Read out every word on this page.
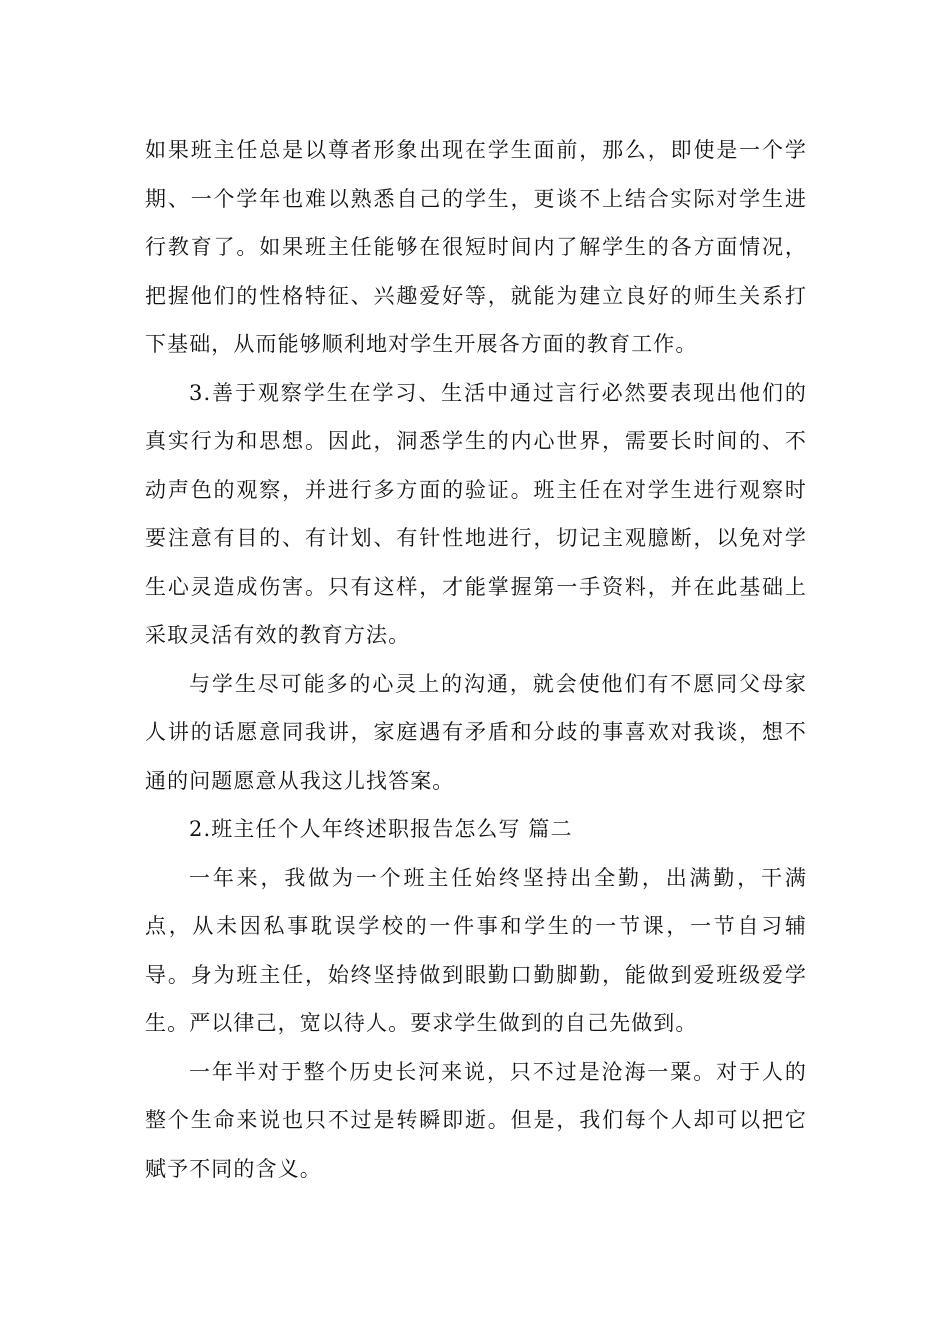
如果班主任总是以尊者形象出现在学生面前，那么，即使是一个学期、一个学年也难以熟悉自己的学生，更谈不上结合实际对学生进行教育了。如果班主任能够在很短时间内了解学生的各方面情况，把握他们的性格特征、兴趣爱好等，就能为建立良好的师生关系打下基础，从而能够顺利地对学生开展各方面的教育工作。

3.善于观察学生在学习、生活中通过言行必然要表现出他们的真实行为和思想。因此，洞悉学生的内心世界，需要长时间的、不动声色的观察，并进行多方面的验证。班主任在对学生进行观察时要注意有目的、有计划、有针性地进行，切记主观臆断，以免对学生心灵造成伤害。只有这样，才能掌握第一手资料，并在此基础上采取灵活有效的教育方法。

与学生尽可能多的心灵上的沟通，就会使他们有不愿同父母家人讲的话愿意同我讲，家庭遇有矛盾和分歧的事喜欢对我谈，想不通的问题愿意从我这儿找答案。

2.班主任个人年终述职报告怎么写 篇二

一年来，我做为一个班主任始终坚持出全勤，出满勤，干满点，从未因私事耽误学校的一件事和学生的一节课，一节自习辅导。身为班主任，始终坚持做到眼勤口勤脚勤，能做到爱班级爱学生。严以律己，宽以待人。要求学生做到的自己先做到。

一年半对于整个历史长河来说，只不过是沧海一粟。对于人的整个生命来说也只不过是转瞬即逝。但是，我们每个人却可以把它赋予不同的含义。
